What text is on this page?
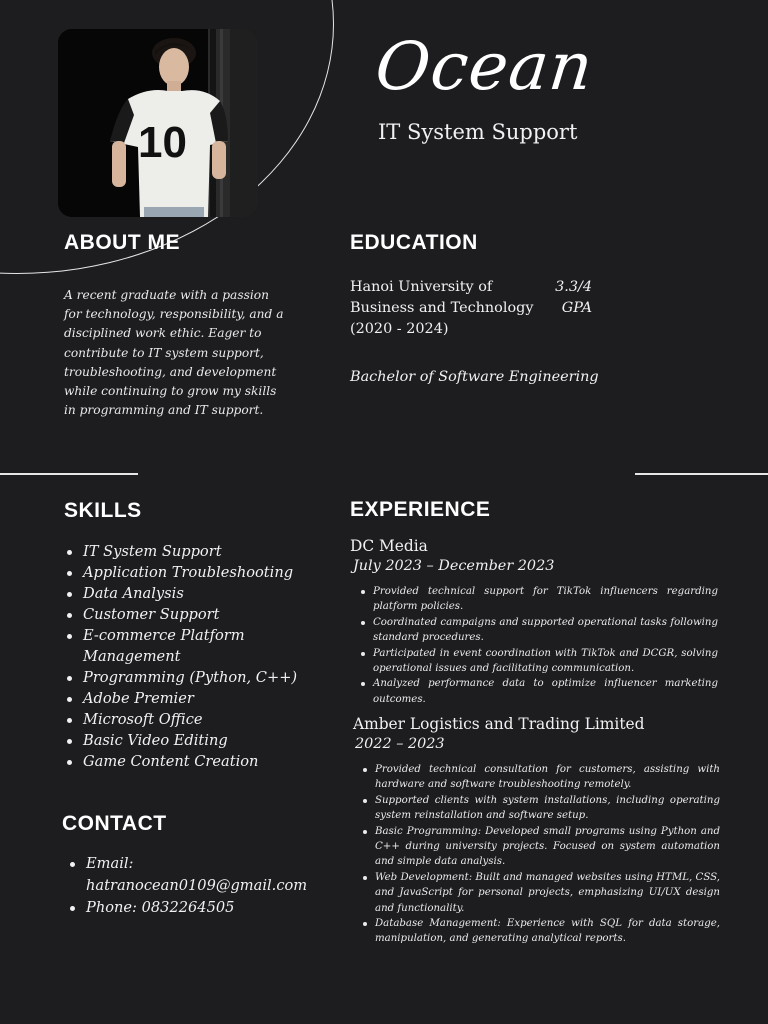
10
Ocean
IT System Support
ABOUT ME

A recent graduate with a passion for technology, responsibility, and a disciplined work ethic. Eager to contribute to IT system support, troubleshooting, and development while continuing to grow my skills in programming and IT support.

EDUCATION
Hanoi University of
Business and Technology
(2020 - 2024)
3.3/4
GPA
Bachelor of Software Engineering
SKILLS
IT System Support
Application Troubleshooting
Data Analysis
Customer Support
E-commerce Platform Management
Programming (Python, C++)
Adobe Premier
Microsoft Office
Basic Video Editing
Game Content Creation
CONTACT
Email:
hatranocean0109@gmail.com
Phone: 0832264505
EXPERIENCE
DC Media
July 2023 – December 2023
Provided technical support for TikTok influencers regarding platform policies.
Coordinated campaigns and supported operational tasks following standard procedures.
Participated in event coordination with TikTok and DCGR, solving operational issues and facilitating communication.
Analyzed performance data to optimize influencer marketing outcomes.
Amber Logistics and Trading Limited
2022 – 2023
Provided technical consultation for customers, assisting with hardware and software troubleshooting remotely.
Supported clients with system installations, including operating system reinstallation and software setup.
Basic Programming: Developed small programs using Python and C++ during university projects. Focused on system automation and simple data analysis.
Web Development: Built and managed websites using HTML, CSS, and JavaScript for personal projects, emphasizing UI/UX design and functionality.
Database Management: Experience with SQL for data storage, manipulation, and generating analytical reports.
